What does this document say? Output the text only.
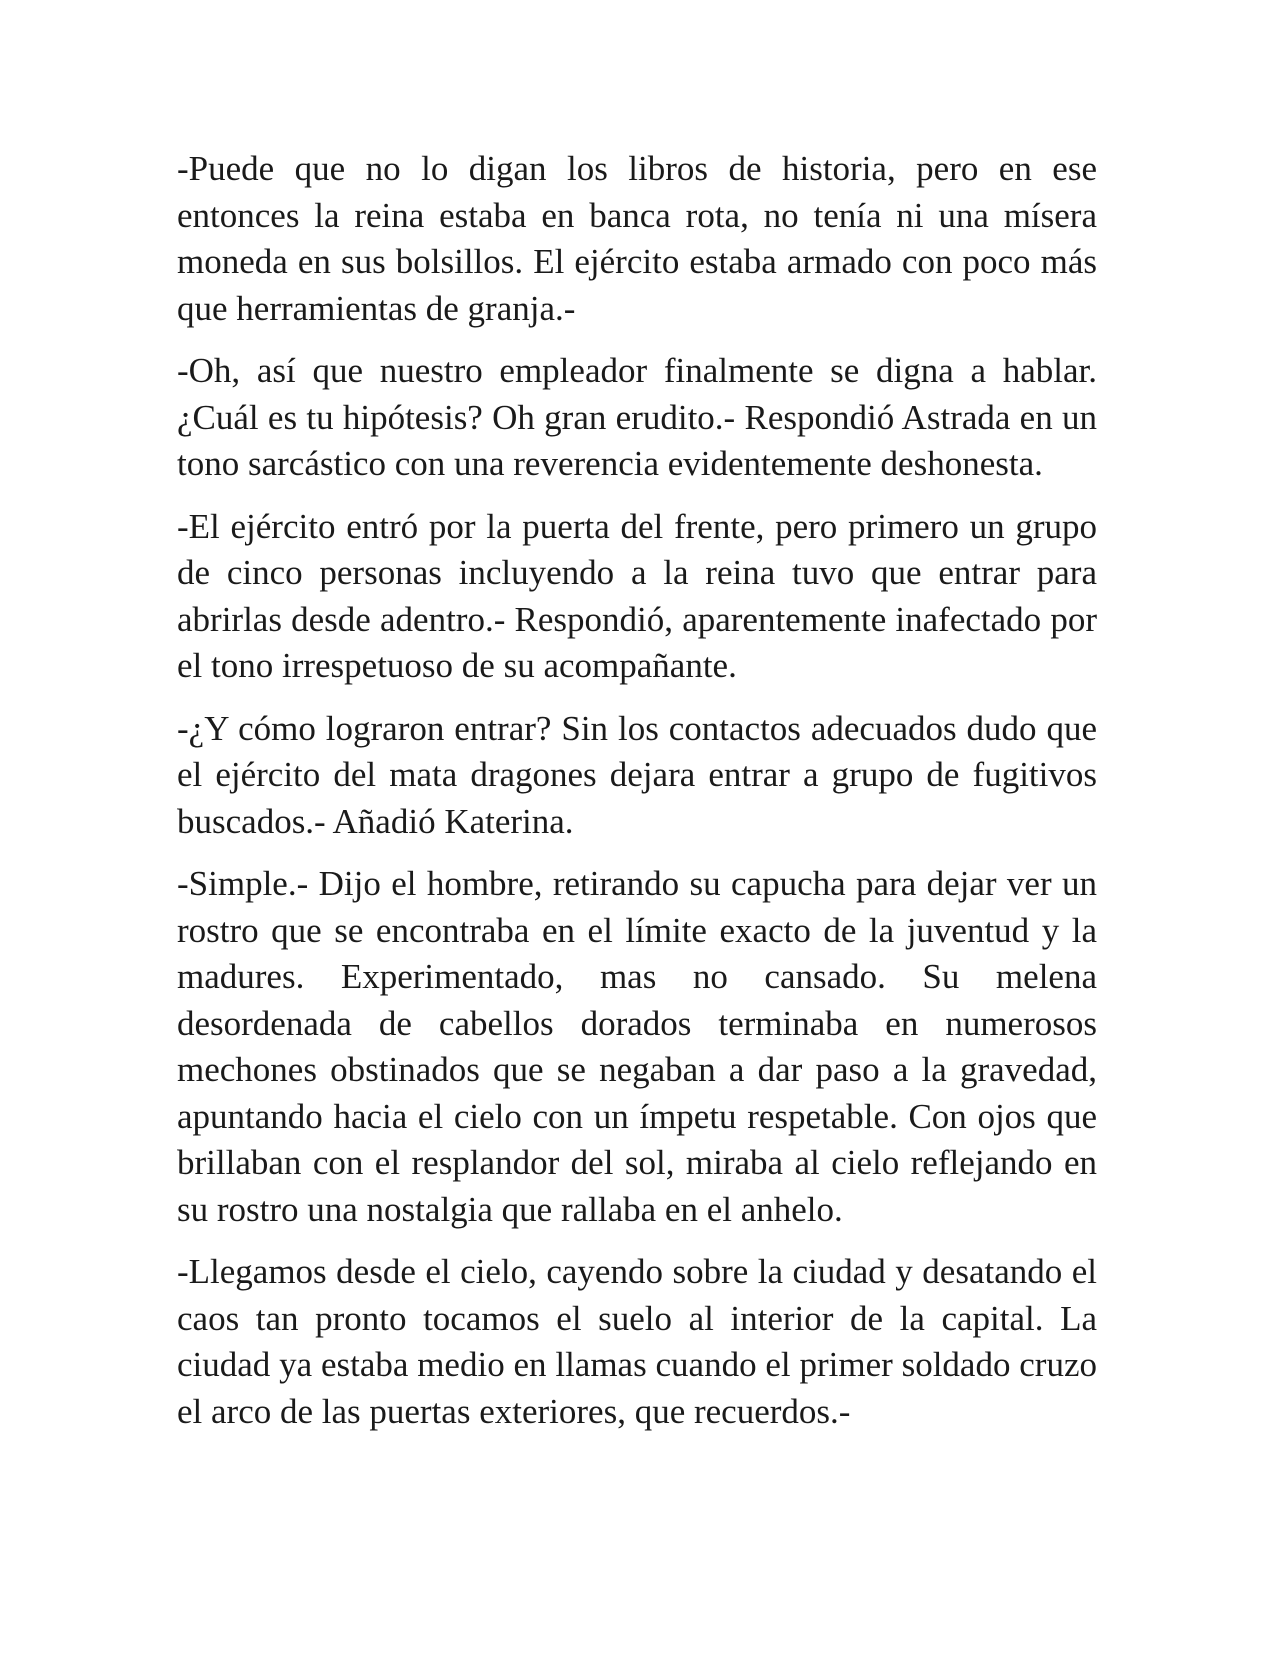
-Puede que no lo digan los libros de historia, pero en ese entonces la reina estaba en banca rota, no tenía ni una mísera moneda en sus bolsillos. El ejército estaba armado con poco más que herramientas de granja.-

-Oh, así que nuestro empleador finalmente se digna a hablar. ¿Cuál es tu hipótesis? Oh gran erudito.- Respondió Astrada en un tono sarcástico con una reverencia evidentemente deshonesta.

-El ejército entró por la puerta del frente, pero primero un grupo de cinco personas incluyendo a la reina tuvo que entrar para abrirlas desde adentro.- Respondió, aparentemente inafectado por el tono irrespetuoso de su acompañante.

-¿Y cómo lograron entrar? Sin los contactos adecuados dudo que el ejército del mata dragones dejara entrar a grupo de fugitivos buscados.- Añadió Katerina.

-Simple.- Dijo el hombre, retirando su capucha para dejar ver un rostro que se encontraba en el límite exacto de la juventud y la madures. Experimentado, mas no cansado. Su melena desordenada de cabellos dorados terminaba en numerosos mechones obstinados que se negaban a dar paso a la gravedad, apuntando hacia el cielo con un ímpetu respetable. Con ojos que brillaban con el resplandor del sol, miraba al cielo reflejando en su rostro una nostalgia que rallaba en el anhelo.

-Llegamos desde el cielo, cayendo sobre la ciudad y desatando el caos tan pronto tocamos el suelo al interior de la capital. La ciudad ya estaba medio en llamas cuando el primer soldado cruzo el arco de las puertas exteriores, que recuerdos.-
